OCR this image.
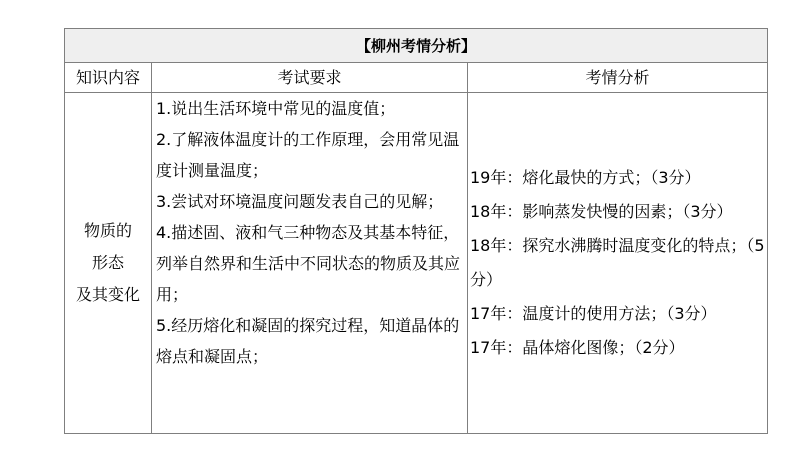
【柳州考情分析】		
知识内容	考试要求	考情分析

物质的
形态
及其变化	1.说出生活环境中常见的温度值；
2.了解液体温度计的工作原理，会用常见温度计测量温度；
3.尝试对环境温度问题发表自己的见解；
4.描述固、液和气三种物态及其基本特征，列举自然界和生活中不同状态的物质及其应用；
5.经历熔化和凝固的探究过程，知道晶体的熔点和凝固点；	19年：熔化最快的方式；（3分）
18年：影响蒸发快慢的因素；（3分）
18年：探究水沸腾时温度变化的特点；（5分）
17年：温度计的使用方法；（3分）
17年：晶体熔化图像；（2分）
